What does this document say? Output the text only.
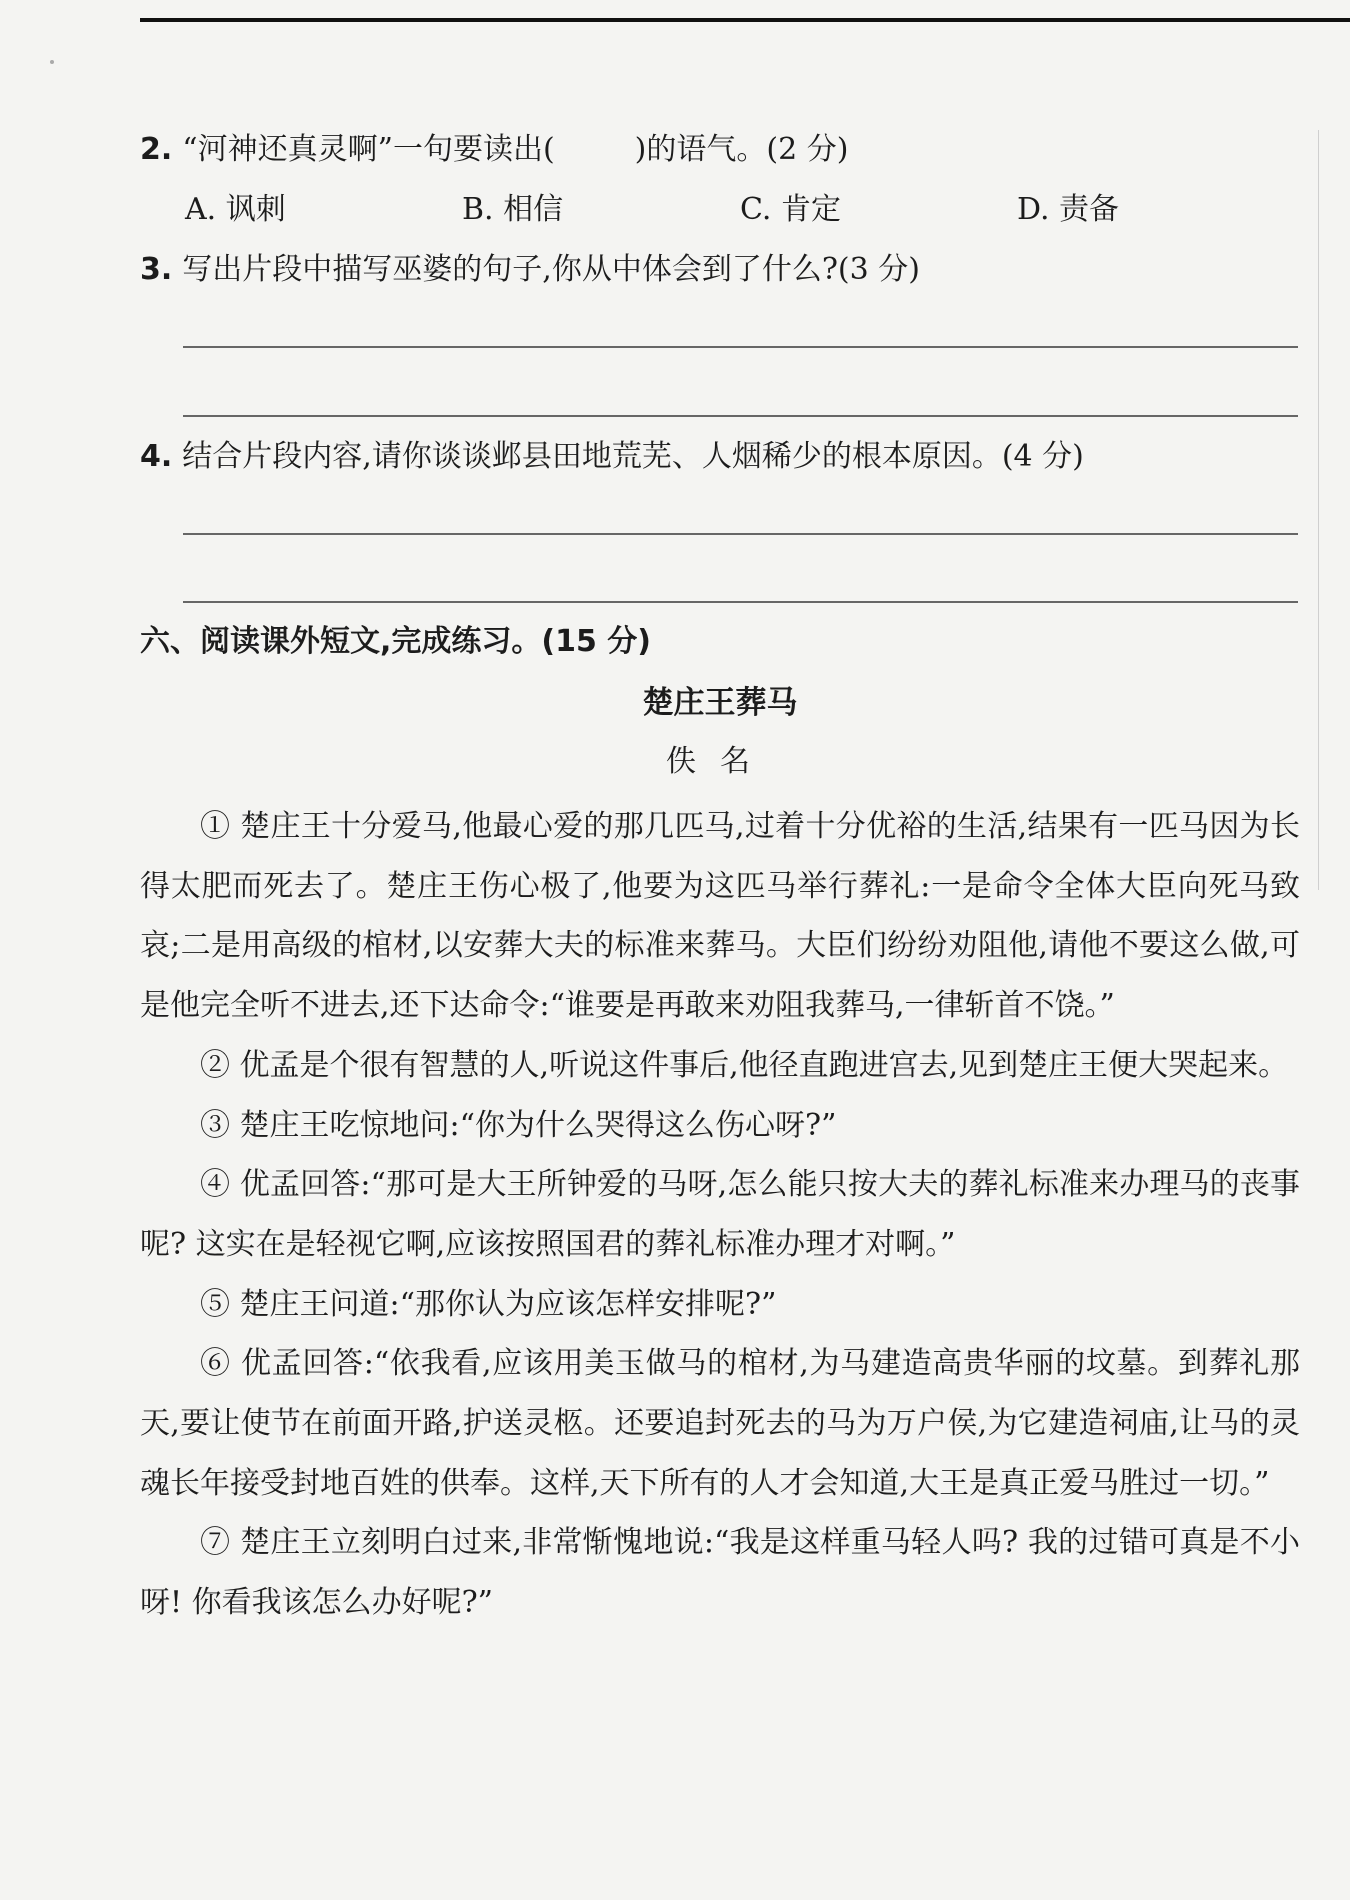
2. “河神还真灵啊”一句要读出(	)的语气。(2 分)
A. 讽刺	B. 相信	C. 肯定	D. 责备
3. 写出片段中描写巫婆的句子,你从中体会到了什么?(3 分)
4. 结合片段内容,请你谈谈邺县田地荒芜、人烟稀少的根本原因。(4 分)
六、阅读课外短文,完成练习。(15 分)
楚庄王葬马
佚名

① 楚庄王十分爱马,他最心爱的那几匹马,过着十分优裕的生活,结果有一匹马因为长得太肥而死去了。楚庄王伤心极了,他要为这匹马举行葬礼:一是命令全体大臣向死马致哀;二是用高级的棺材,以安葬大夫的标准来葬马。大臣们纷纷劝阻他,请他不要这么做,可是他完全听不进去,还下达命令:“谁要是再敢来劝阻我葬马,一律斩首不饶。”

② 优孟是个很有智慧的人,听说这件事后,他径直跑进宫去,见到楚庄王便大哭起来。

③ 楚庄王吃惊地问:“你为什么哭得这么伤心呀?”

④ 优孟回答:“那可是大王所钟爱的马呀,怎么能只按大夫的葬礼标准来办理马的丧事呢? 这实在是轻视它啊,应该按照国君的葬礼标准办理才对啊。”

⑤ 楚庄王问道:“那你认为应该怎样安排呢?”

⑥ 优孟回答:“依我看,应该用美玉做马的棺材,为马建造高贵华丽的坟墓。到葬礼那天,要让使节在前面开路,护送灵柩。还要追封死去的马为万户侯,为它建造祠庙,让马的灵魂长年接受封地百姓的供奉。这样,天下所有的人才会知道,大王是真正爱马胜过一切。”

⑦ 楚庄王立刻明白过来,非常惭愧地说:“我是这样重马轻人吗? 我的过错可真是不小呀! 你看我该怎么办好呢?”
